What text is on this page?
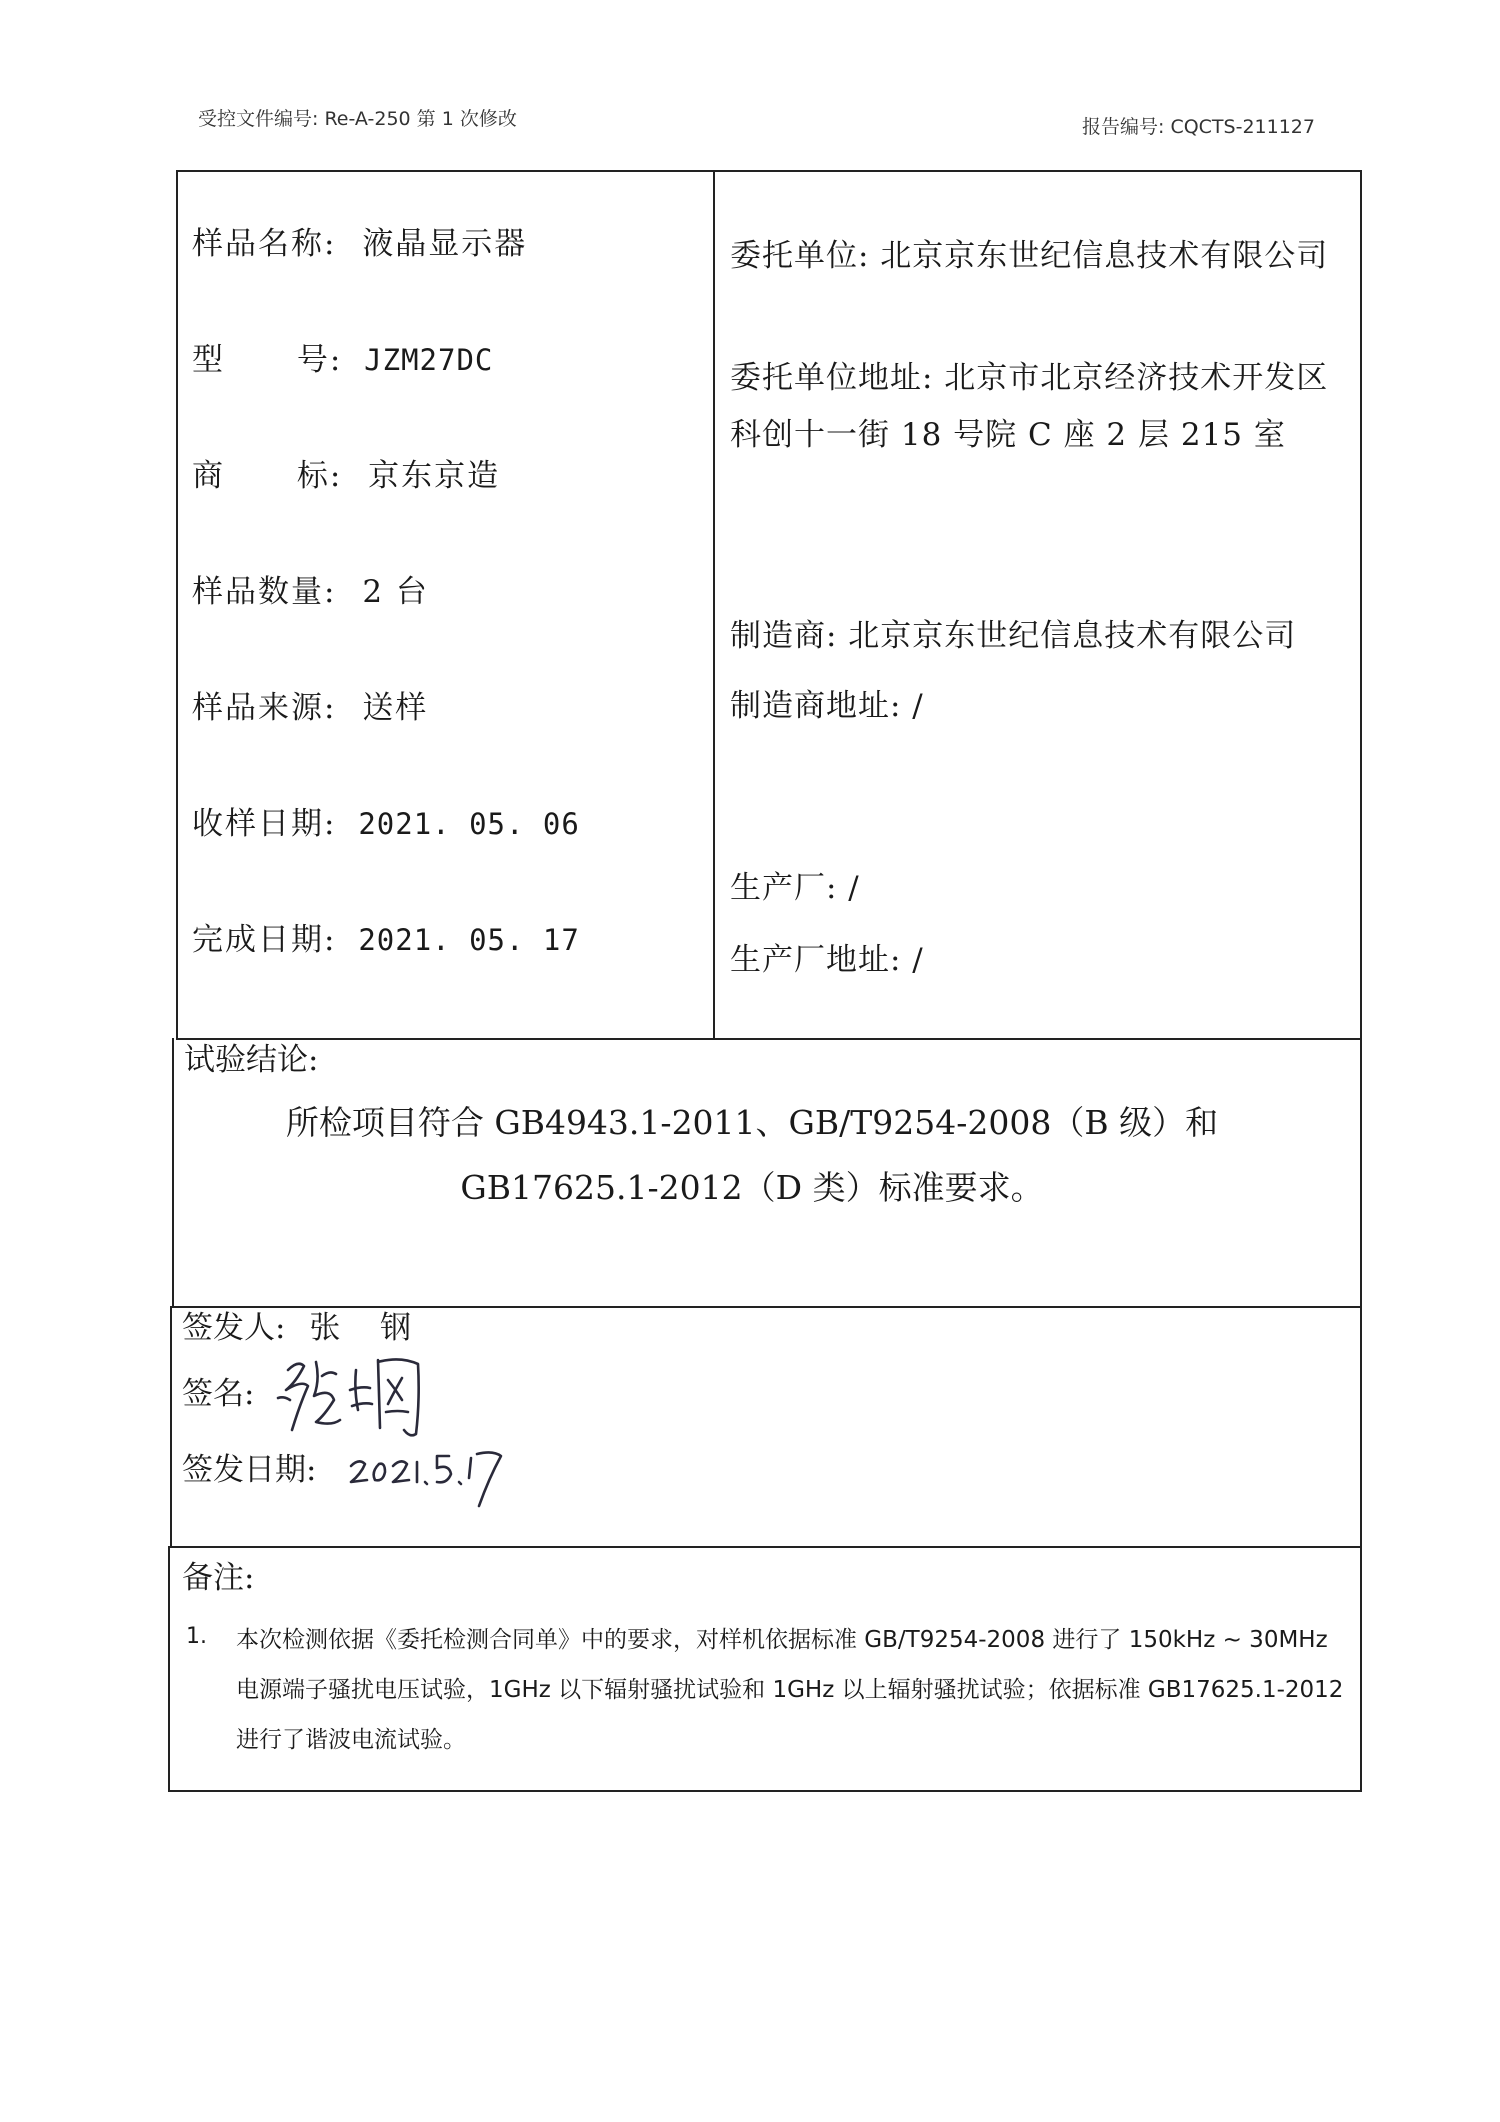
受控文件编号: Re-A-250 第 1 次修改	报告编号: CQCTS-211127
样品名称: 液晶显示器
型 号: JZM27DC
商 标: 京东京造
样品数量: 2 台
样品来源: 送样
收样日期: 2021. 05. 06
完成日期: 2021. 05. 17
委托单位: 北京京东世纪信息技术有限公司
委托单位地址: 北京市北京经济技术开发区科创十一街 18 号院 C 座 2 层 215 室
制造商: 北京京东世纪信息技术有限公司
制造商地址: /
生产厂: /
生产厂地址: /
试验结论:
所检项目符合 GB4943.1-2011、GB/T9254-2008（B 级）和
GB17625.1-2012（D 类）标准要求。
签发人: 张 钢
签名:
签发日期:
备注:
1. 本次检测依据《委托检测合同单》中的要求，对样机依据标准 GB/T9254-2008 进行了 150kHz ~ 30MHz 电源端子骚扰电压试验，1GHz 以下辐射骚扰试验和 1GHz 以上辐射骚扰试验；依据标准 GB17625.1-2012 进行了谐波电流试验。
